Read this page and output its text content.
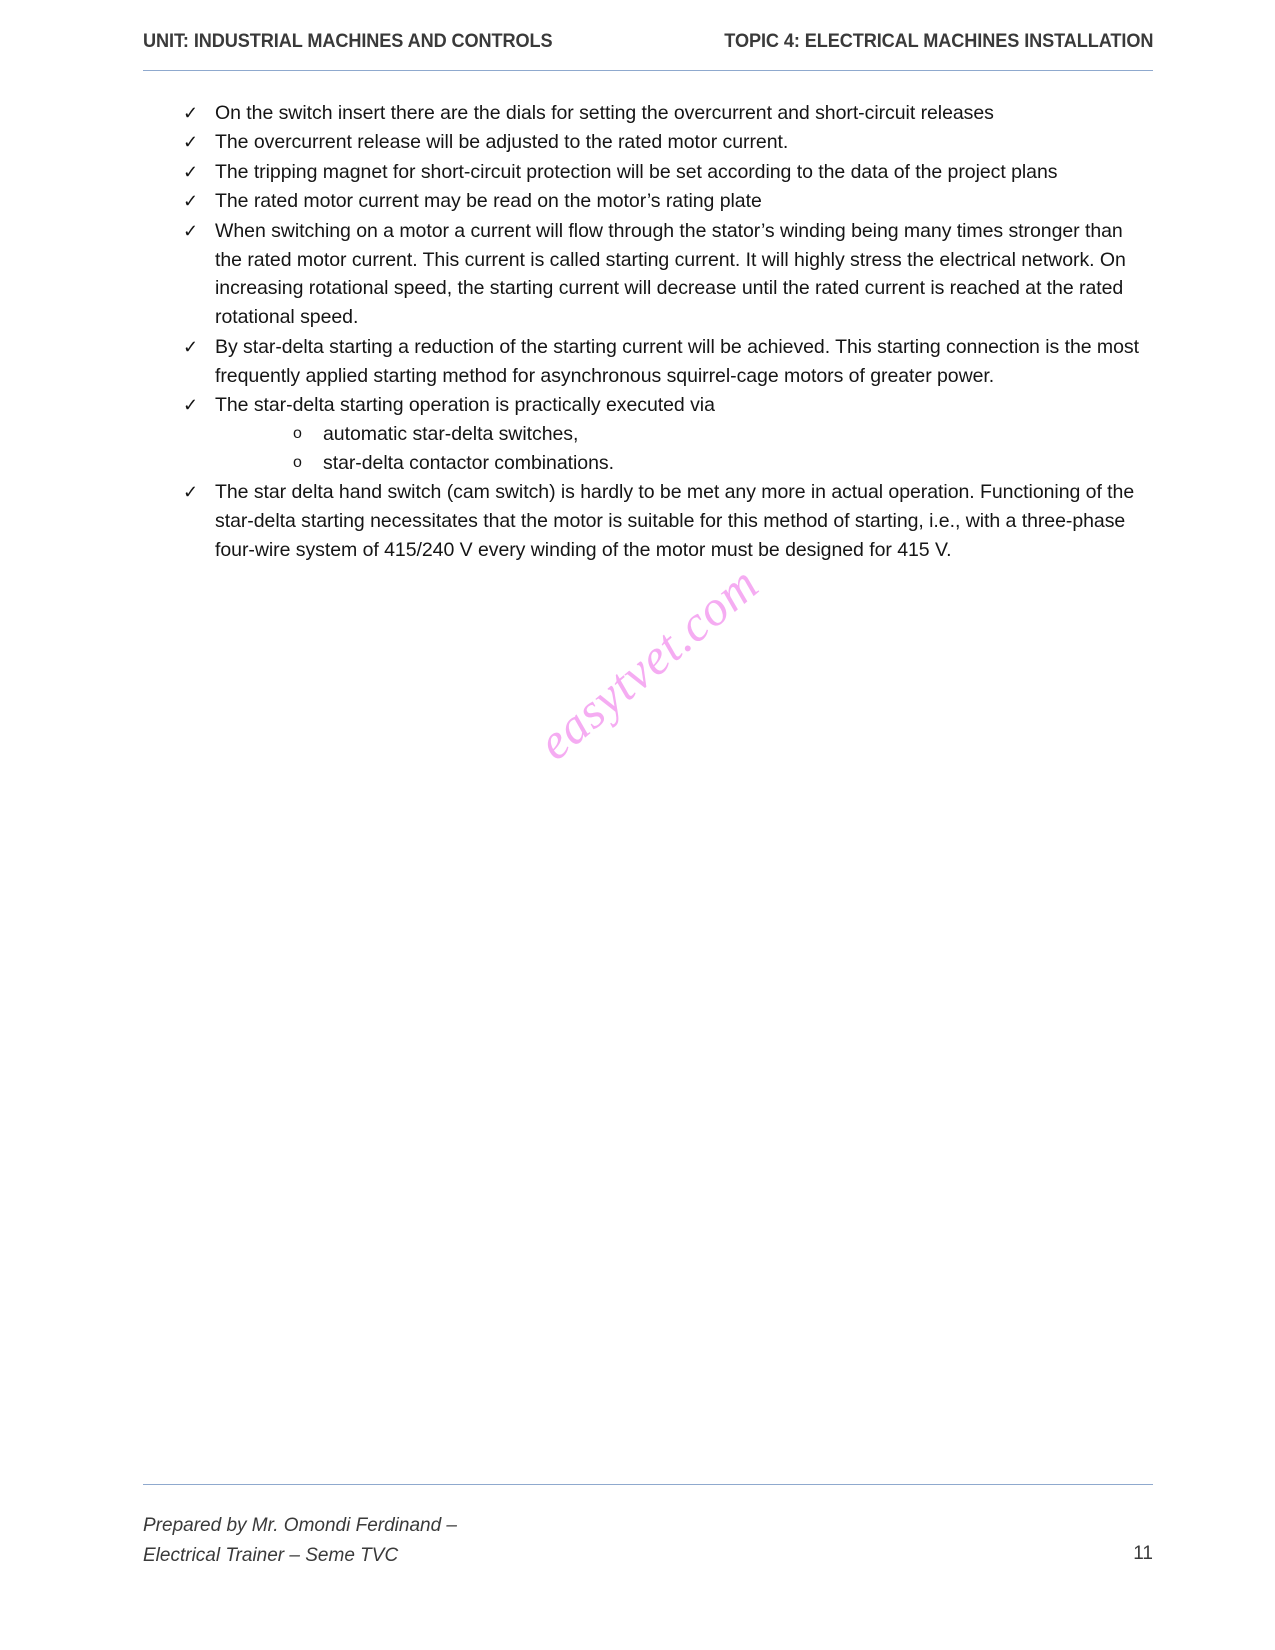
UNIT: INDUSTRIAL MACHINES AND CONTROLS	TOPIC 4: ELECTRICAL MACHINES INSTALLATION
✓ On the switch insert there are the dials for setting the overcurrent and short-circuit releases
✓ The overcurrent release will be adjusted to the rated motor current.
✓ The tripping magnet for short-circuit protection will be set according to the data of the project plans
✓ The rated motor current may be read on the motor’s rating plate
✓ When switching on a motor a current will flow through the stator’s winding being many times stronger than the rated motor current. This current is called starting current. It will highly stress the electrical network. On increasing rotational speed, the starting current will decrease until the rated current is reached at the rated rotational speed.
✓ By star-delta starting a reduction of the starting current will be achieved. This starting connection is the most frequently applied starting method for asynchronous squirrel-cage motors of greater power.
✓ The star-delta starting operation is practically executed via
o automatic star-delta switches,
o star-delta contactor combinations.
✓ The star delta hand switch (cam switch) is hardly to be met any more in actual operation. Functioning of the star-delta starting necessitates that the motor is suitable for this method of starting, i.e., with a three-phase four-wire system of 415/240 V every winding of the motor must be designed for 415 V.
easytvet.com
Prepared by Mr. Omondi Ferdinand –
Electrical Trainer – Seme TVC	11
